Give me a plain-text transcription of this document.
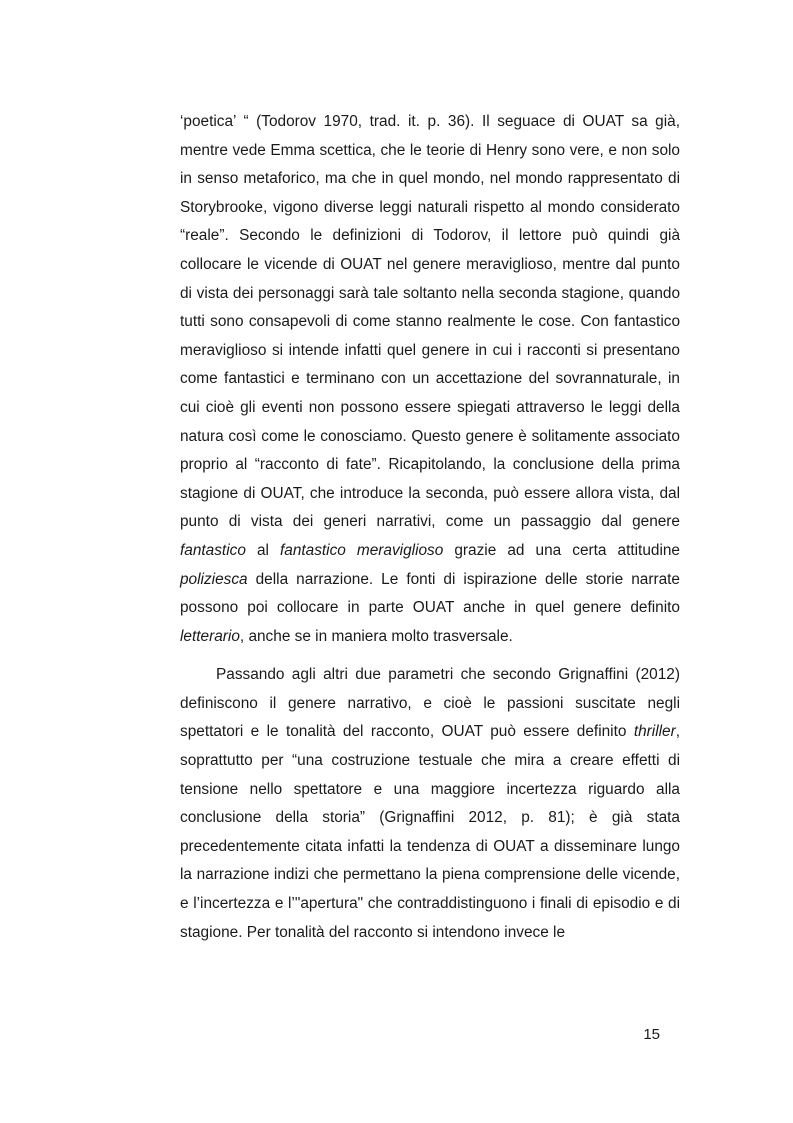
‘poetica’ “ (Todorov 1970, trad. it. p. 36). Il seguace di OUAT sa già, mentre vede Emma scettica, che le teorie di Henry sono vere, e non solo in senso metaforico, ma che in quel mondo, nel mondo rappresentato di Storybrooke, vigono diverse leggi naturali rispetto al mondo considerato “reale”. Secondo le definizioni di Todorov, il lettore può quindi già collocare le vicende di OUAT nel genere meraviglioso, mentre dal punto di vista dei personaggi sarà tale soltanto nella seconda stagione, quando tutti sono consapevoli di come stanno realmente le cose. Con fantastico meraviglioso si intende infatti quel genere in cui i racconti si presentano come fantastici e terminano con un accettazione del sovrannaturale, in cui cioè gli eventi non possono essere spiegati attraverso le leggi della natura così come le conosciamo. Questo genere è solitamente associato proprio al “racconto di fate”. Ricapitolando, la conclusione della prima stagione di OUAT, che introduce la seconda, può essere allora vista, dal punto di vista dei generi narrativi, come un passaggio dal genere fantastico al fantastico meraviglioso grazie ad una certa attitudine poliziesca della narrazione. Le fonti di ispirazione delle storie narrate possono poi collocare in parte OUAT anche in quel genere definito letterario, anche se in maniera molto trasversale.

Passando agli altri due parametri che secondo Grignaffini (2012) definiscono il genere narrativo, e cioè le passioni suscitate negli spettatori e le tonalità del racconto, OUAT può essere definito thriller, soprattutto per “una costruzione testuale che mira a creare effetti di tensione nello spettatore e una maggiore incertezza riguardo alla conclusione della storia” (Grignaffini 2012, p. 81); è già stata precedentemente citata infatti la tendenza di OUAT a disseminare lungo la narrazione indizi che permettano la piena comprensione delle vicende, e l’incertezza e l’"apertura" che contraddistinguono i finali di episodio e di stagione. Per tonalità del racconto si intendono invece le

15
